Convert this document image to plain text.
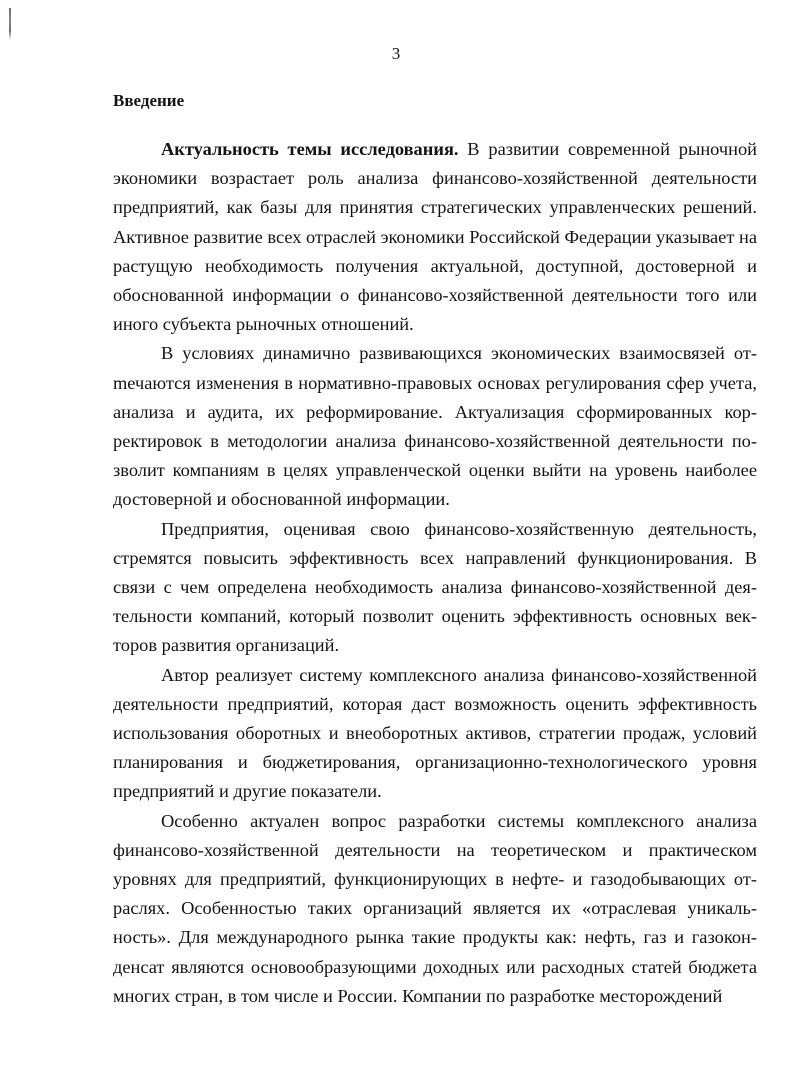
3
Введение

Актуальность темы исследования. В развитии современной рыночной экономики возрастает роль анализа финансово-хозяйственной деятельности предприятий, как базы для принятия стратегических управленческих решений. Активное развитие всех отраслей экономики Российской Федерации указывает на растущую необходимость получения актуальной, доступной, достоверной и обоснованной информации о финансово-хозяйственной деятельности того или иного субъекта рыночных отношений.

В условиях динамично развивающихся экономических взаимосвязей отmечаются изменения в нормативно-правовых основах регулирования сфер учета, анализа и аудита, их реформирование. Актуализация сформированных корректировок в методологии анализа финансово-хозяйственной деятельности позволит компаниям в целях управленческой оценки выйти на уровень наиболее достоверной и обоснованной информации.

Предприятия, оценивая свою финансово-хозяйственную деятельность, стремятся повысить эффективность всех направлений функционирования. В связи с чем определена необходимость анализа финансово-хозяйственной деятельности компаний, который позволит оценить эффективность основных векторов развития организаций.

Автор реализует систему комплексного анализа финансово-хозяйственной деятельности предприятий, которая даст возможность оценить эффективность использования оборотных и внеоборотных активов, стратегии продаж, условий планирования и бюджетирования, организационно-технологического уровня предприятий и другие показатели.

Особенно актуален вопрос разработки системы комплексного анализа финансово-хозяйственной деятельности на теоретическом и практическом уровнях для предприятий, функционирующих в нефте- и газодобывающих отраслях. Особенностью таких организаций является их «отраслевая уникальность». Для международного рынка такие продукты как: нефть, газ и газоконденсат являются основообразующими доходных или расходных статей бюджета многих стран, в том числе и России. Компании по разработке месторождений
